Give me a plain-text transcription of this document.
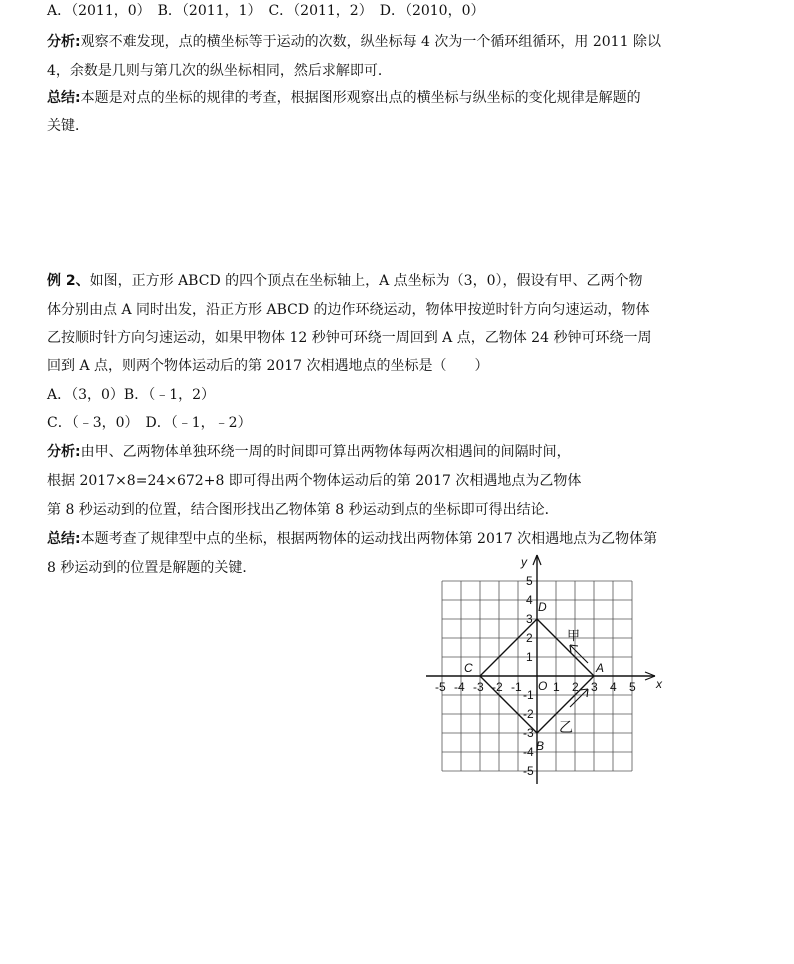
A．（2011，0）　B．（2011，1）　C．（2011，2）　D．（2010，0）
分析:观察不难发现，点的横坐标等于运动的次数，纵坐标每 4 次为一个循环组循环，用 2011 除以
4，余数是几则与第几次的纵坐标相同，然后求解即可．
总结:本题是对点的坐标的规律的考查，根据图形观察出点的横坐标与纵坐标的变化规律是解题的
关键．
例 2、如图，正方形 ABCD 的四个顶点在坐标轴上，A 点坐标为（3，0），假设有甲、乙两个物
体分别由点 A 同时出发，沿正方形 ABCD 的边作环绕运动，物体甲按逆时针方向匀速运动，物体
乙按顺时针方向匀速运动，如果甲物体 12 秒钟可环绕一周回到 A 点，乙物体 24 秒钟可环绕一周
回到 A 点，则两个物体运动后的第 2017 次相遇地点的坐标是（　　）
A．（3，0）B．（﹣1，2）
C．（﹣3，0）　D．（﹣1，﹣2）
分析:由甲、乙两物体单独环绕一周的时间即可算出两物体每两次相遇间的间隔时间，
根据 2017×8=24×672+8 即可得出两个物体运动后的第 2017 次相遇地点为乙物体
第 8 秒运动到的位置，结合图形找出乙物体第 8 秒运动到点的坐标即可得出结论．
总结:本题考查了规律型中点的坐标，根据两物体的运动找出两物体第 2017 次相遇地点为乙物体第
8 秒运动到的位置是解题的关键．
x
y
O
A
B
C
D
甲
乙
-5 -4 -3 -2 -1	1 2 3 4 5
5
4
3
2
1
-1
-2
-3
-4
-5
